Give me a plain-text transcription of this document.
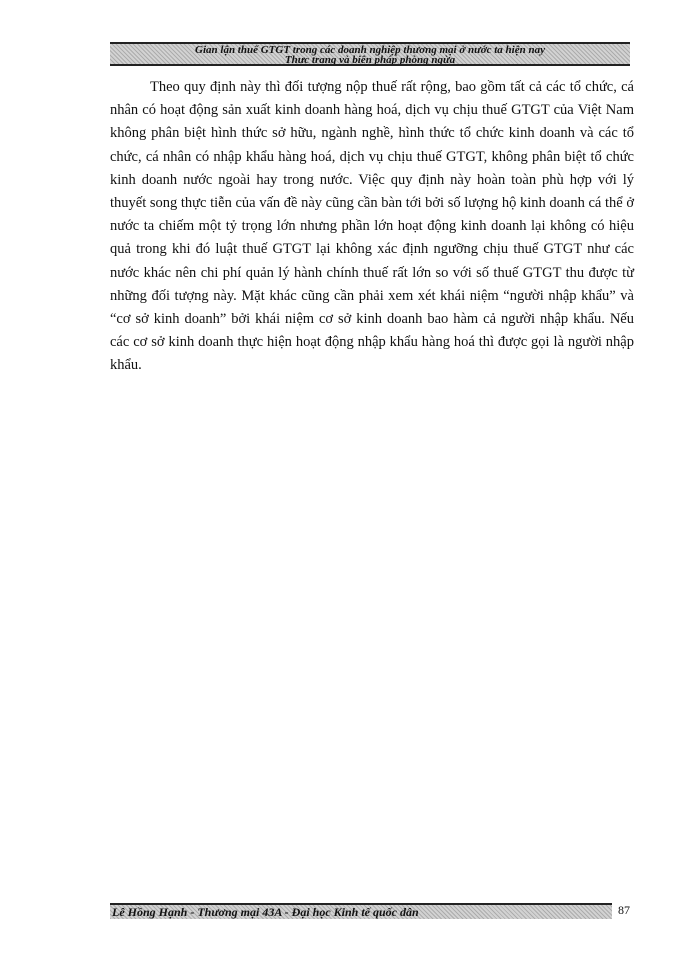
Gian lận thuế GTGT trong các doanh nghiệp thương mại ở nước ta hiện nay
Thực trạng và biện pháp phòng ngừa

Theo quy định này thì đối tượng nộp thuế rất rộng, bao gồm tất cả các tổ chức, cá nhân có hoạt động sản xuất kinh doanh hàng hoá, dịch vụ chịu thuế GTGT của Việt Nam không phân biệt hình thức sở hữu, ngành nghề, hình thức tổ chức kinh doanh và các tổ chức, cá nhân có nhập khẩu hàng hoá, dịch vụ chịu thuế GTGT, không phân biệt tổ chức kinh doanh nước ngoài hay trong nước. Việc quy định này hoàn toàn phù hợp với lý thuyết song thực tiễn của vấn đề này cũng cần bàn tới bởi số lượng hộ kinh doanh cá thể ở nước ta chiếm một tỷ trọng lớn nhưng phần lớn hoạt động kinh doanh lại không có hiệu quả trong khi đó luật thuế GTGT lại không xác định ngưỡng chịu thuế GTGT như các nước khác nên chi phí quản lý hành chính thuế rất lớn so với số thuế GTGT thu được từ những đối tượng này. Mặt khác cũng cần phải xem xét khái niệm “người nhập khẩu” và “cơ sở kinh doanh” bởi khái niệm cơ sở kinh doanh bao hàm cả người nhập khẩu. Nếu các cơ sở kinh doanh thực hiện hoạt động nhập khẩu hàng hoá thì được gọi là người nhập khẩu.

Lê Hồng Hạnh - Thương mại 43A - Đại học Kinh tế quốc dân	87
